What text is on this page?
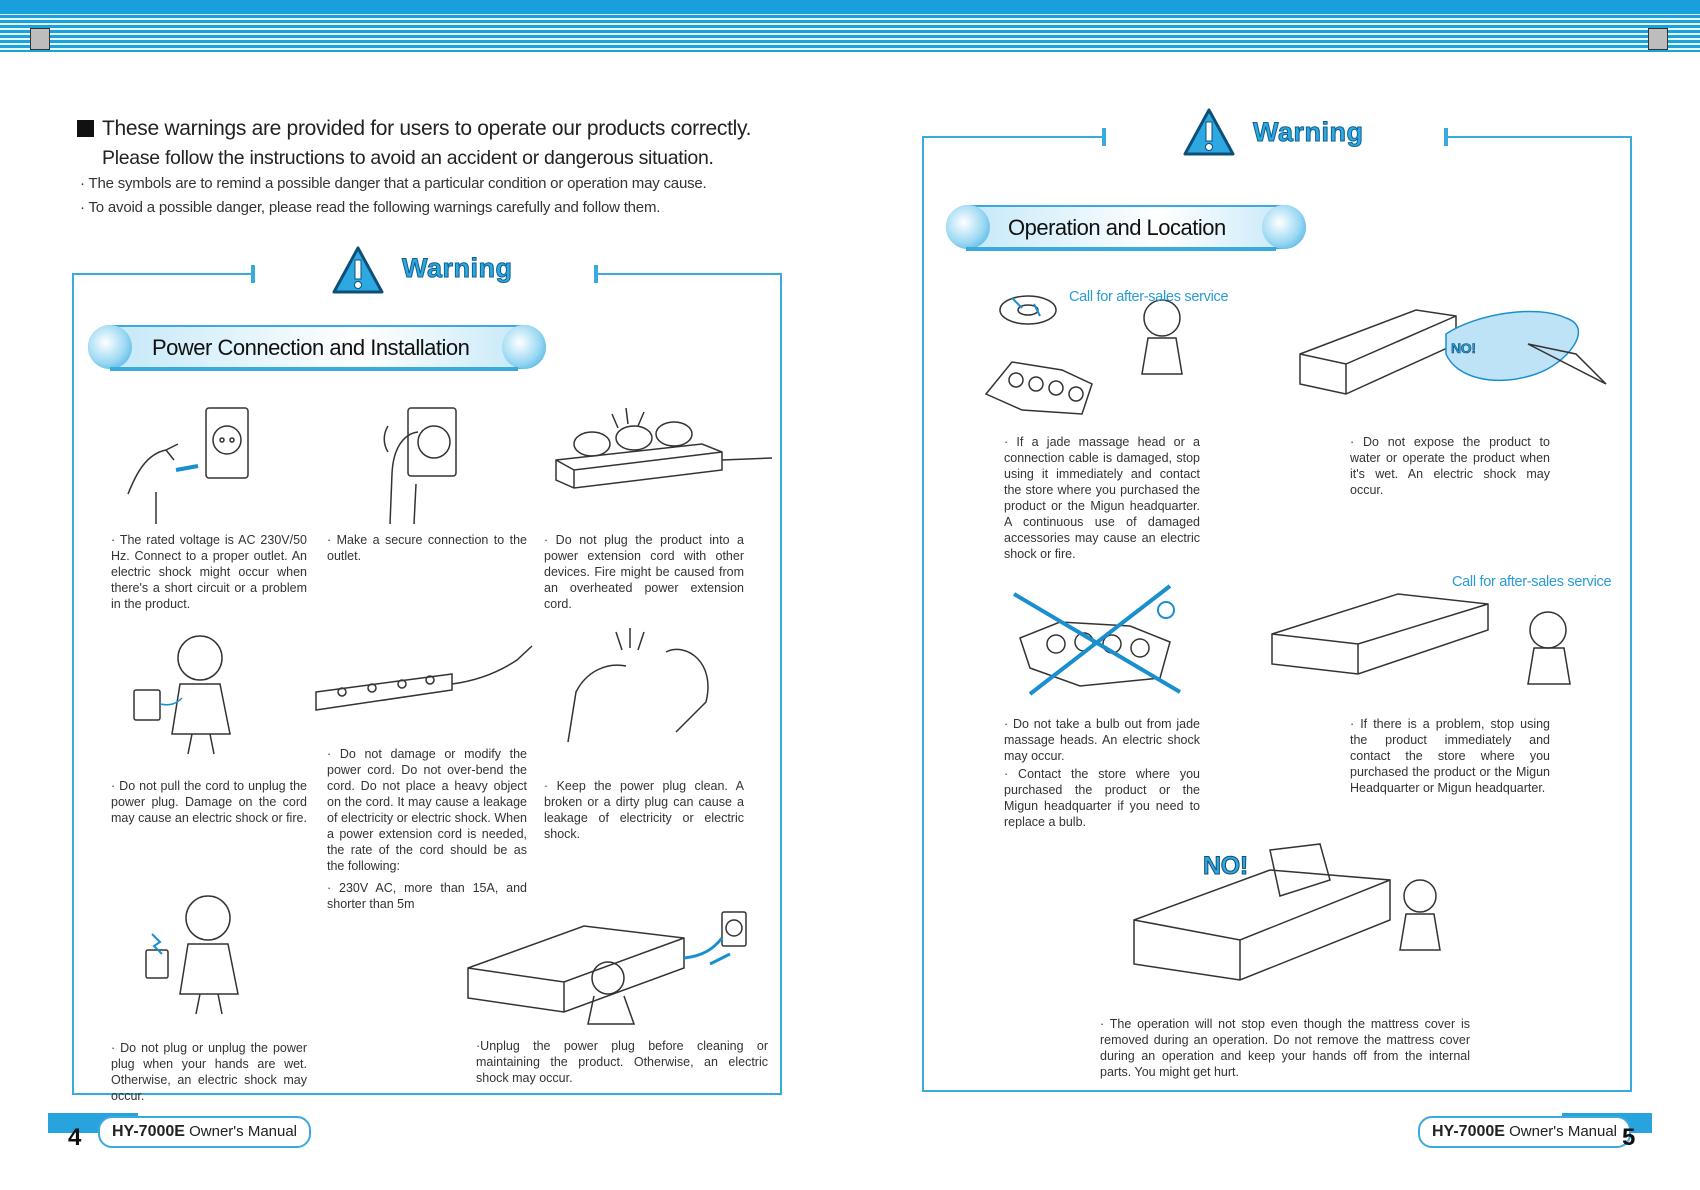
These warnings are provided for users to operate our products correctly.
Please follow the instructions to avoid an accident or dangerous situation.
· The symbols are to remind a possible danger that a particular condition or operation may cause.
· To avoid a possible danger, please read the following warnings carefully and follow them.
Warning
Power Connection and Installation
· The rated voltage is AC 230V/50 Hz. Connect to a proper outlet. An electric shock might occur when there's a short circuit or a problem in the product.
· Make a secure connection to the outlet.
· Do not plug the product into a power extension cord with other devices. Fire might be caused from an overheated power extension cord.
· Do not pull the cord to unplug the power plug. Damage on the cord may cause an electric shock or fire.
· Do not damage or modify the power cord. Do not over-bend the cord. Do not place a heavy object on the cord. It may cause a leakage of electricity or electric shock. When a power extension cord is needed, the rate of the cord should be as the following:
· 230V AC, more than 15A, and shorter than 5m
· Keep the power plug clean. A broken or a dirty plug can cause a leakage of electricity or electric shock.
· Do not plug or unplug the power plug when your hands are wet. Otherwise, an electric shock may occur.
·Unplug the power plug before cleaning or maintaining the product. Otherwise, an electric shock may occur.
Warning
Operation and Location
Call for after-sales service
NO!
Call for after-sales service
NO!
· If a jade massage head or a connection cable is damaged, stop using it immediately and contact the store where you purchased the product or the Migun headquarter. A continuous use of damaged accessories may cause an electric shock or fire.
· Do not expose the product to water or operate the product when it's wet. An electric shock may occur.
· Do not take a bulb out from jade massage heads. An electric shock may occur.
· Contact the store where you purchased the product or the Migun headquarter if you need to replace a bulb.
· If there is a problem, stop using the product immediately and contact the store where you purchased the product or the Migun Headquarter or Migun headquarter.
· The operation will not stop even though the mattress cover is removed during an operation. Do not remove the mattress cover during an operation and keep your hands off from the internal parts. You might get hurt.
4	HY-7000E Owner's Manual	HY-7000E Owner's Manual 5
